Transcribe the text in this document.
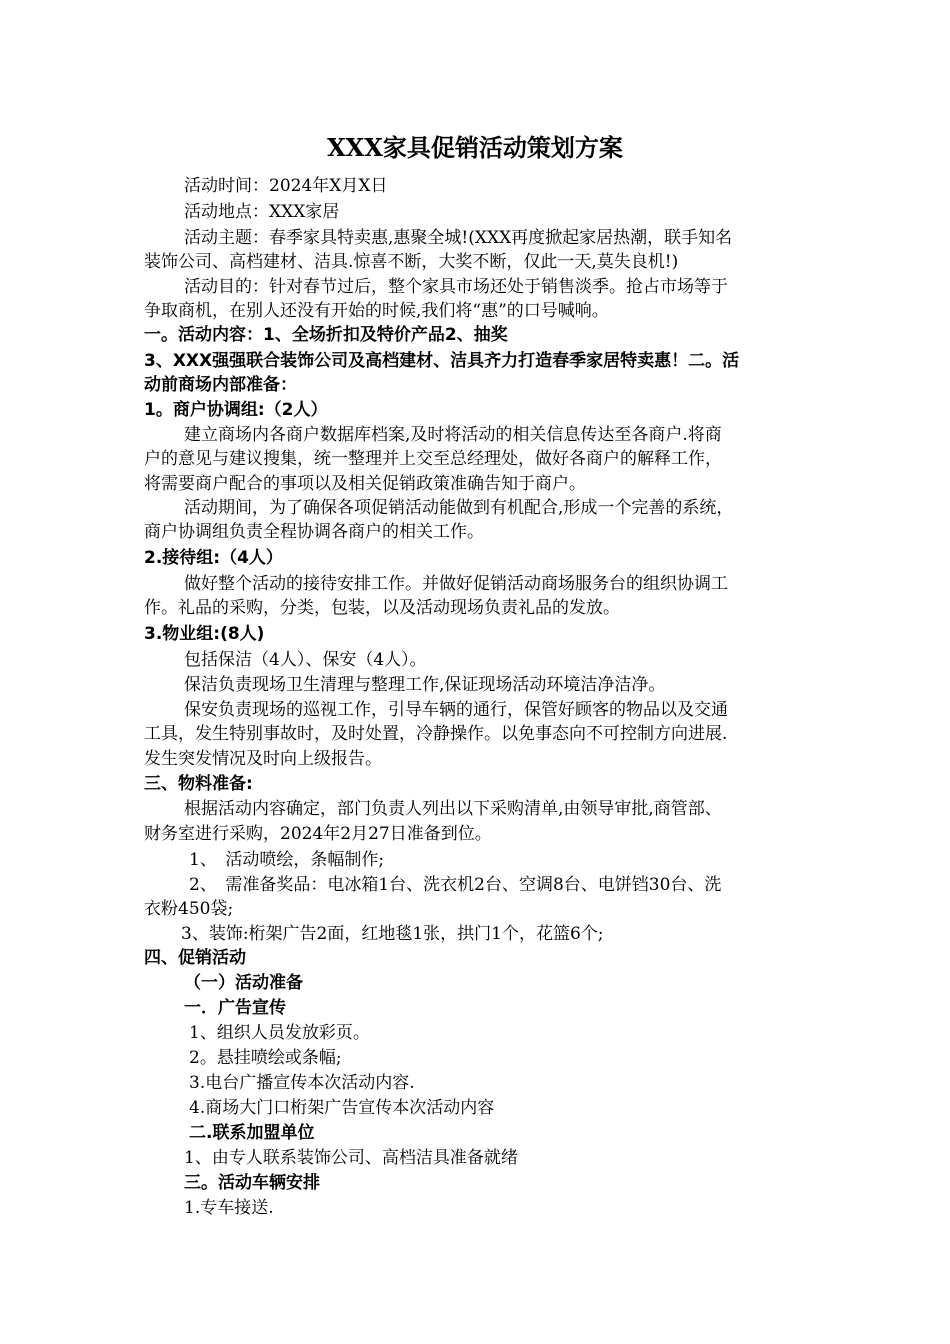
XXX家具促销活动策划方案
活动时间：2024年X月X日
活动地点：XXX家居
活动主题：春季家具特卖惠,惠聚全城!(XXX再度掀起家居热潮，联手知名
装饰公司、高档建材、洁具.惊喜不断，大奖不断，仅此一天,莫失良机!)
活动目的：针对春节过后，整个家具市场还处于销售淡季。抢占市场等于
争取商机，在别人还没有开始的时候,我们将“惠”的口号喊响。
一。活动内容：1、全场折扣及特价产品2、抽奖
3、XXX强强联合装饰公司及高档建材、洁具齐力打造春季家居特卖惠！二。活
动前商场内部准备：
1。商户协调组:（2人）
建立商场内各商户数据库档案,及时将活动的相关信息传达至各商户.将商
户的意见与建议搜集，统一整理并上交至总经理处，做好各商户的解释工作，
将需要商户配合的事项以及相关促销政策准确告知于商户。
活动期间，为了确保各项促销活动能做到有机配合,形成一个完善的系统，
商户协调组负责全程协调各商户的相关工作。
2.接待组:（4人）
做好整个活动的接待安排工作。并做好促销活动商场服务台的组织协调工
作。礼品的采购，分类，包装，以及活动现场负责礼品的发放。
3.物业组:(8人)
包括保洁（4人）、保安（4人）。
保洁负责现场卫生清理与整理工作,保证现场活动环境洁净洁净。
保安负责现场的巡视工作，引导车辆的通行，保管好顾客的物品以及交通
工具，发生特别事故时，及时处置，冷静操作。以免事态向不可控制方向进展.
发生突发情况及时向上级报告。
三、物料准备:
根据活动内容确定，部门负责人列出以下采购清单,由领导审批,商管部、
财务室进行采购，2024年2月27日准备到位。
1、　活动喷绘，条幅制作;
2、　需准备奖品：电冰箱1台、洗衣机2台、空调8台、电饼铛30台、洗
衣粉450袋;
3、装饰:桁架广告2面，红地毯1张，拱门1个，花篮6个;
四、促销活动
（一）活动准备
一．广告宣传
1、组织人员发放彩页。
2。悬挂喷绘或条幅;
3.电台广播宣传本次活动内容.
4.商场大门口桁架广告宣传本次活动内容
二.联系加盟单位
1、由专人联系装饰公司、高档洁具准备就绪
三。活动车辆安排
1.专车接送.
